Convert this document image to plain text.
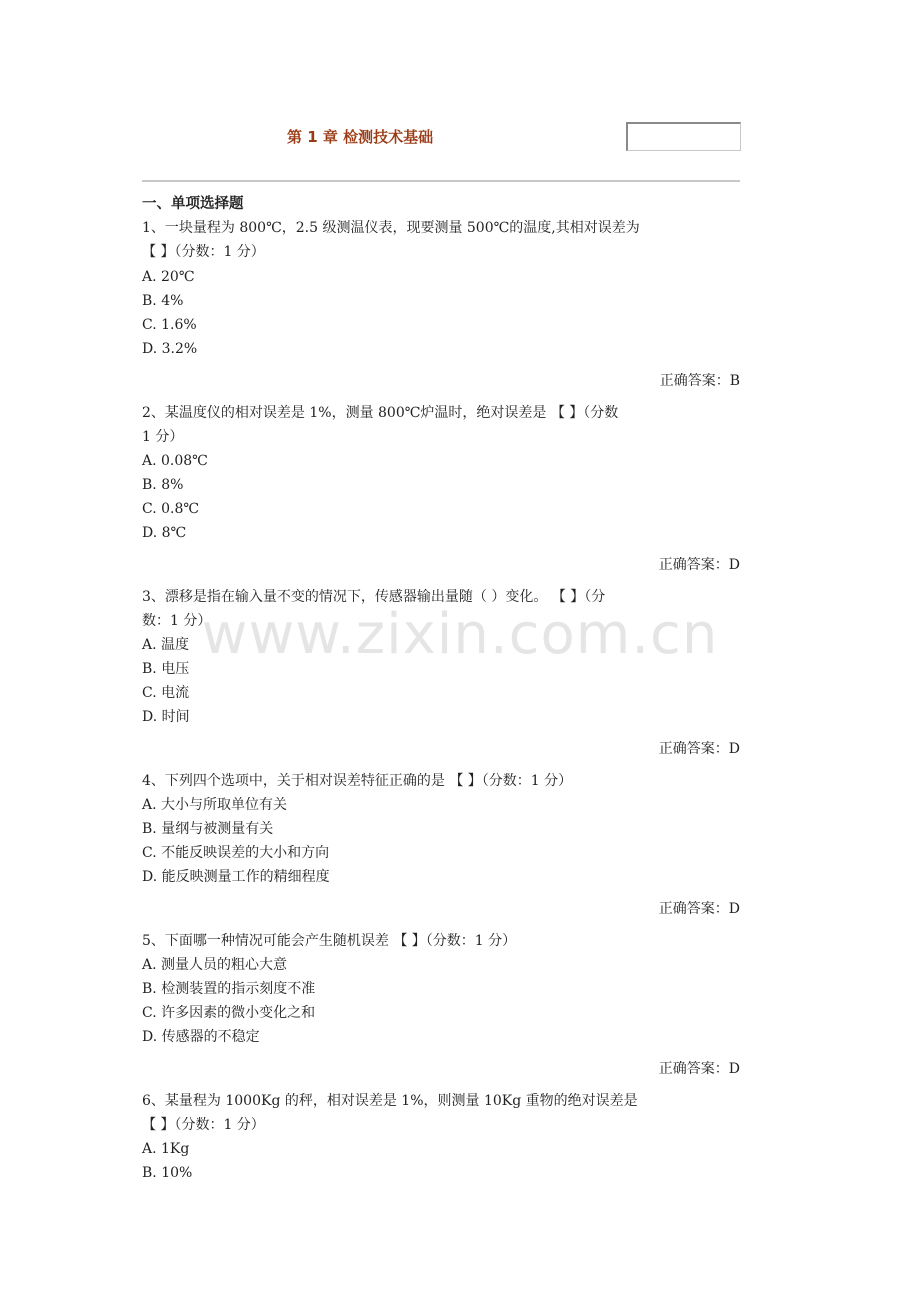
第 1 章 检测技术基础
一、单项选择题
1、一块量程为 800℃，2.5 级测温仪表，现要测量 500℃的温度,其相对误差为
【 】（分数：1 分）
A. 20℃
B. 4%
C. 1.6%
D. 3.2%
正确答案：B
2、某温度仪的相对误差是 1%，测量 800℃炉温时，绝对误差是 【 】（分数
1 分）
A. 0.08℃
B. 8%
C. 0.8℃
D. 8℃
正确答案：D
3、漂移是指在输入量不变的情况下，传感器输出量随（ ）变化。 【 】（分
数：1 分）
A. 温度
B. 电压
C. 电流
D. 时间
正确答案：D
4、下列四个选项中，关于相对误差特征正确的是 【 】（分数：1 分）
A. 大小与所取单位有关
B. 量纲与被测量有关
C. 不能反映误差的大小和方向
D. 能反映测量工作的精细程度
正确答案：D
5、下面哪一种情况可能会产生随机误差 【 】（分数：1 分）
A. 测量人员的粗心大意
B. 检测装置的指示刻度不准
C. 许多因素的微小变化之和
D. 传感器的不稳定
正确答案：D
6、某量程为 1000Kg 的秤，相对误差是 1%，则测量 10Kg 重物的绝对误差是
【 】（分数：1 分）
A. 1Kg
B. 10%
www.zixin.com.cn
